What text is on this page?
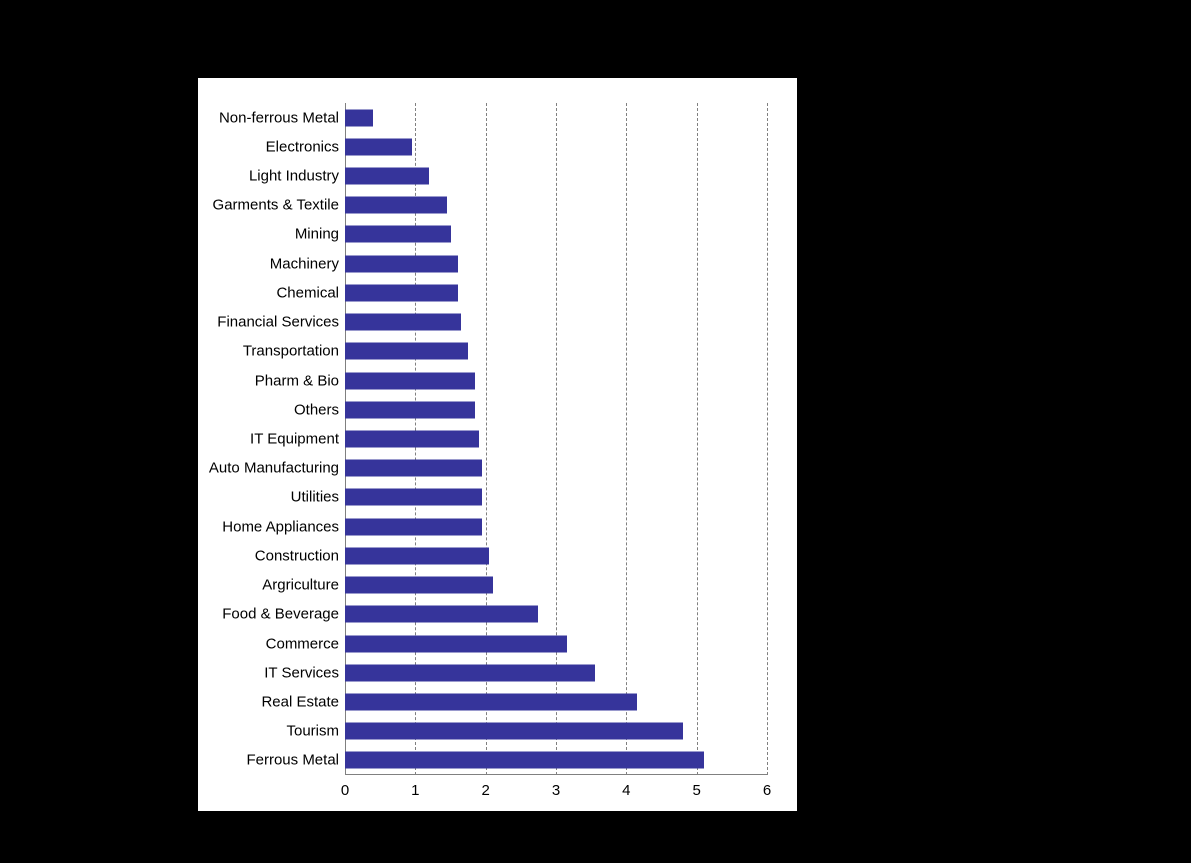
Non-ferrous Metal
Electronics
Light Industry
Garments & Textile
Mining
Machinery
Chemical
Financial Services
Transportation
Pharm & Bio
Others
IT Equipment
Auto Manufacturing
Utilities
Home Appliances
Construction
Argriculture
Food & Beverage
Commerce
IT Services
Real Estate
Tourism
Ferrous Metal
0	1	2	3	4	5	6
